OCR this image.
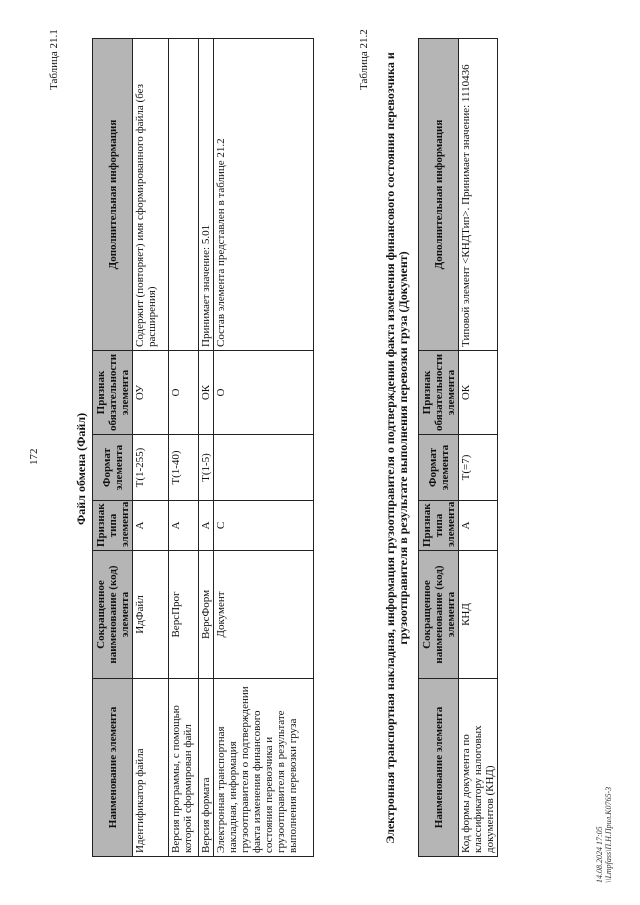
172
Таблица 21.1
Файл обмена (Файл)
Наименование элемента	Сокращенное наименование (код) элемента	Признак типа элемента	Формат элемента	Признак обязательности элемента	Дополнительная информация
Идентификатор файла	ИдФайл	А	T(1-255)	ОУ	Содержит (повторяет) имя сформированного файла (без расширения)
Версия программы, с помощью которой сформирован файл	ВерсПрог	А	T(1-40)	О	
Версия формата	ВерсФорм	А	T(1-5)	ОК	Принимает значение: 5.01
Электронная транспортная накладная, информация грузоотправителя о подтверждении факта изменения финансового состояния перевозчика и грузоотправителя в результате выполнения перевозки груза	Документ	С		О	Состав элемента представлен в таблице 21.2
Таблица 21.2 Электронная транспортная накладная, информация грузоотправителя о подтверждении факта изменения финансового состояния перевозчика и грузоотправителя в результате выполнения перевозки груза (Документ)
Наименование элемента	Сокращенное наименование (код) элемента	Признак типа элемента	Формат элемента	Признак обязательности элемента	Дополнительная информация
Код формы документа по классификатору налоговых документов (КНД)	КНД	А	T(=7)	ОК	Типовой элемент <КНДТип>. Принимает значение: 1110436
14.08.2024 17:05 \\Lmpfass\П.Н.Прил.К0765-3
